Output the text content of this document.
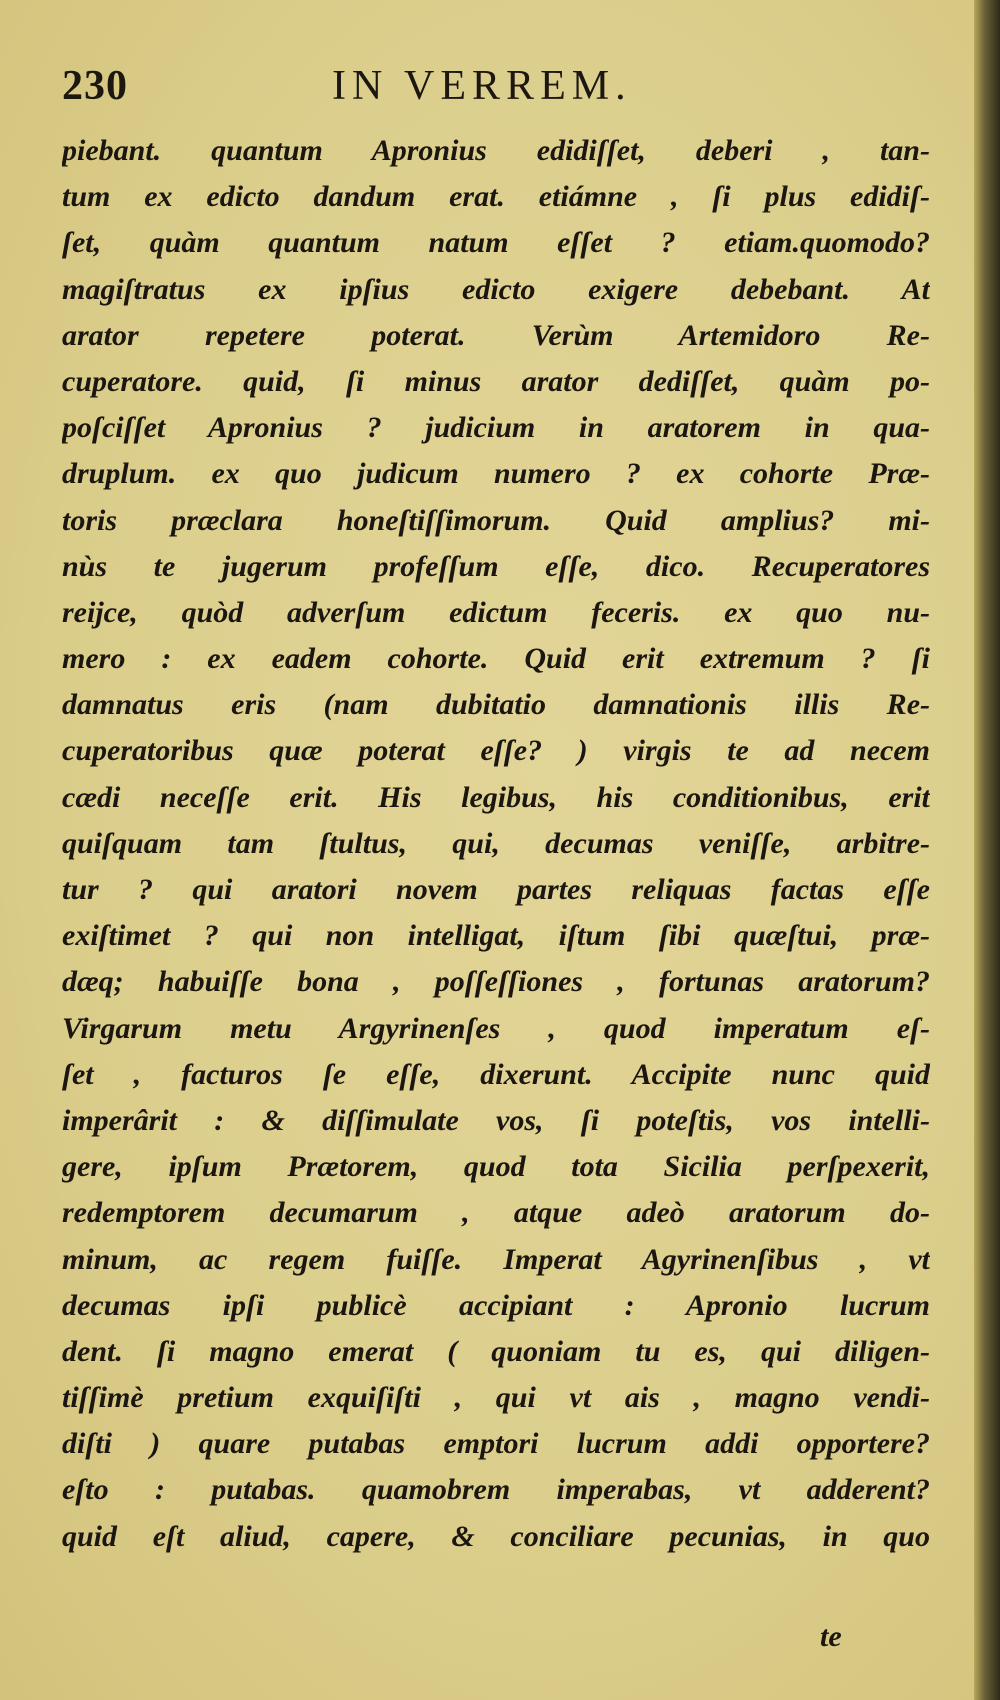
230	IN VERREM.
piebant. quantum Apronius edidiſſet, deberi , tan-
tum ex edicto dandum erat. etiámne , ſi plus edidiſ-
ſet, quàm quantum natum eſſet ? etiam.quomodo?
magiſtratus ex ipſius edicto exigere debebant. At
arator repetere poterat. Verùm Artemidoro Re-
cuperatore. quid, ſi minus arator dediſſet, quàm po-
poſciſſet Apronius ? judicium in aratorem in qua-
druplum. ex quo judicum numero ? ex cohorte Præ-
toris præclara honeſtiſſimorum. Quid amplius? mi-
nùs te jugerum profeſſum eſſe, dico. Recuperatores
reijce, quòd adverſum edictum feceris. ex quo nu-
mero : ex eadem cohorte. Quid erit extremum ? ſi
damnatus eris (nam dubitatio damnationis illis Re-
cuperatoribus quæ poterat eſſe? ) virgis te ad necem
cædi neceſſe erit. His legibus, his conditionibus, erit
quiſquam tam ſtultus, qui, decumas veniſſe, arbitre-
tur ? qui aratori novem partes reliquas factas eſſe
exiſtimet ? qui non intelligat, iſtum ſibi quæſtui, præ-
dæq; habuiſſe bona , poſſeſſiones , fortunas aratorum?
Virgarum metu Argyrinenſes , quod imperatum eſ-
ſet , facturos ſe eſſe, dixerunt. Accipite nunc quid
imperârit : & diſſimulate vos, ſi poteſtis, vos intelli-
gere, ipſum Prætorem, quod tota Sicilia perſpexerit,
redemptorem decumarum , atque adeò aratorum do-
minum, ac regem fuiſſe. Imperat Agyrinenſibus , vt
decumas ipſi publicè accipiant : Apronio lucrum
dent. ſi magno emerat ( quoniam tu es, qui diligen-
tiſſimè pretium exquiſiſti , qui vt ais , magno vendi-
diſti ) quare putabas emptori lucrum addi opportere?
eſto : putabas. quamobrem imperabas, vt adderent?
quid eſt aliud, capere, & conciliare pecunias, in quo
te
